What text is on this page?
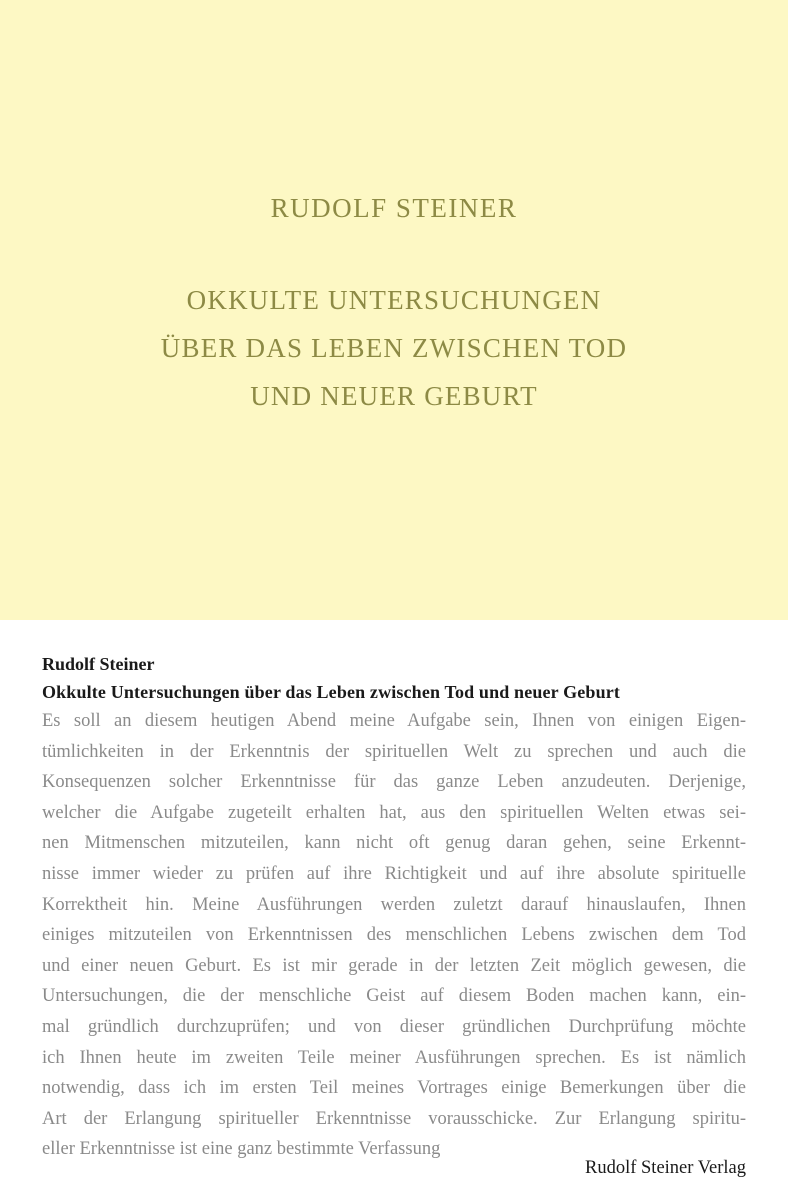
RUDOLF STEINER
OKKULTE UNTERSUCHUNGEN
ÜBER DAS LEBEN ZWISCHEN TOD
UND NEUER GEBURT

Rudolf Steiner

Okkulte Untersuchungen über das Leben zwischen Tod und neuer Geburt

Es soll an diesem heutigen Abend meine Aufgabe sein, Ihnen von einigen Eigen-
tümlichkeiten in der Erkenntnis der spirituellen Welt zu sprechen und auch die
Konsequenzen solcher Erkenntnisse für das ganze Leben anzudeuten. Derjenige,
welcher die Aufgabe zugeteilt erhalten hat, aus den spirituellen Welten etwas sei-
nen Mitmenschen mitzuteilen, kann nicht oft genug daran gehen, seine Erkennt-
nisse immer wieder zu prüfen auf ihre Richtigkeit und auf ihre absolute spirituelle
Korrektheit hin. Meine Ausführungen werden zuletzt darauf hinauslaufen, Ihnen
einiges mitzuteilen von Erkenntnissen des menschlichen Lebens zwischen dem Tod
und einer neuen Geburt. Es ist mir gerade in der letzten Zeit möglich gewesen, die
Untersuchungen, die der menschliche Geist auf diesem Boden machen kann, ein-
mal gründlich durchzuprüfen; und von dieser gründlichen Durchprüfung möchte
ich Ihnen heute im zweiten Teile meiner Ausführungen sprechen. Es ist nämlich
notwendig, dass ich im ersten Teil meines Vortrages einige Bemerkungen über die
Art der Erlangung spiritueller Erkenntnisse vorausschicke. Zur Erlangung spiritu-
eller Erkenntnisse ist eine ganz bestimmte Verfassung

Rudolf Steiner Verlag
